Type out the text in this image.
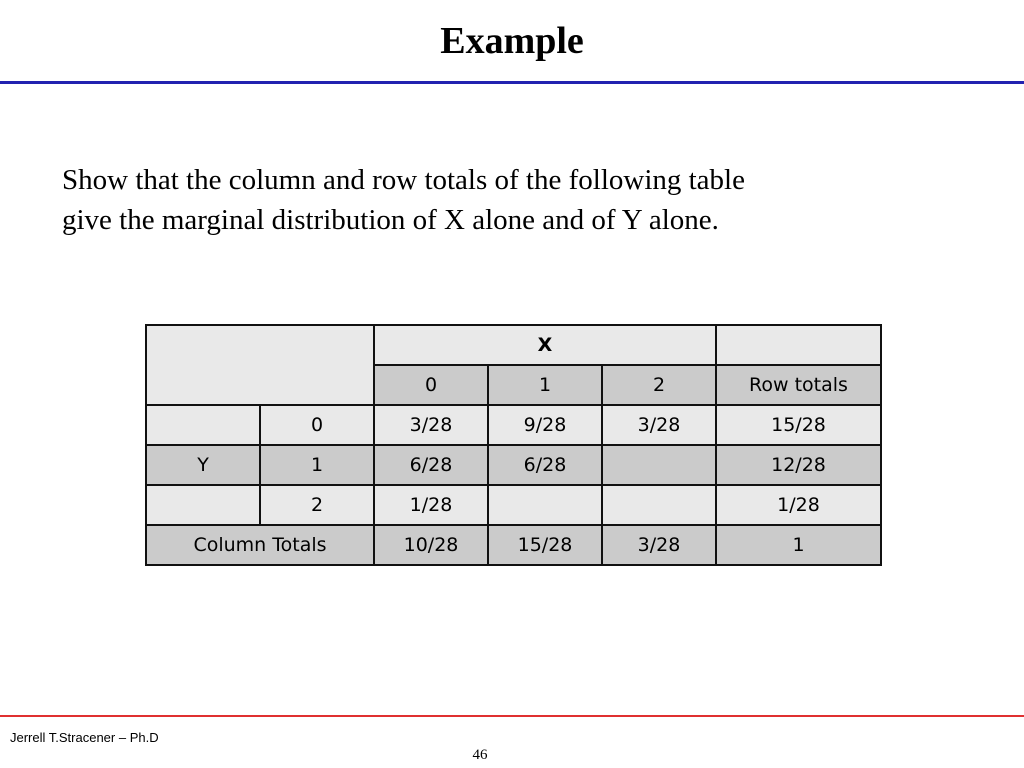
Example
Show that the column and row totals of the following table
give the marginal distribution of X alone and of Y alone.
		X			
		0	1	2	Row totals
	0	3/28	9/28	3/28	15/28
Y	1	6/28	6/28		12/28
	2	1/28			1/28
Column Totals		10/28	15/28	3/28	1
Jerrell T.Stracener – Ph.D
46
